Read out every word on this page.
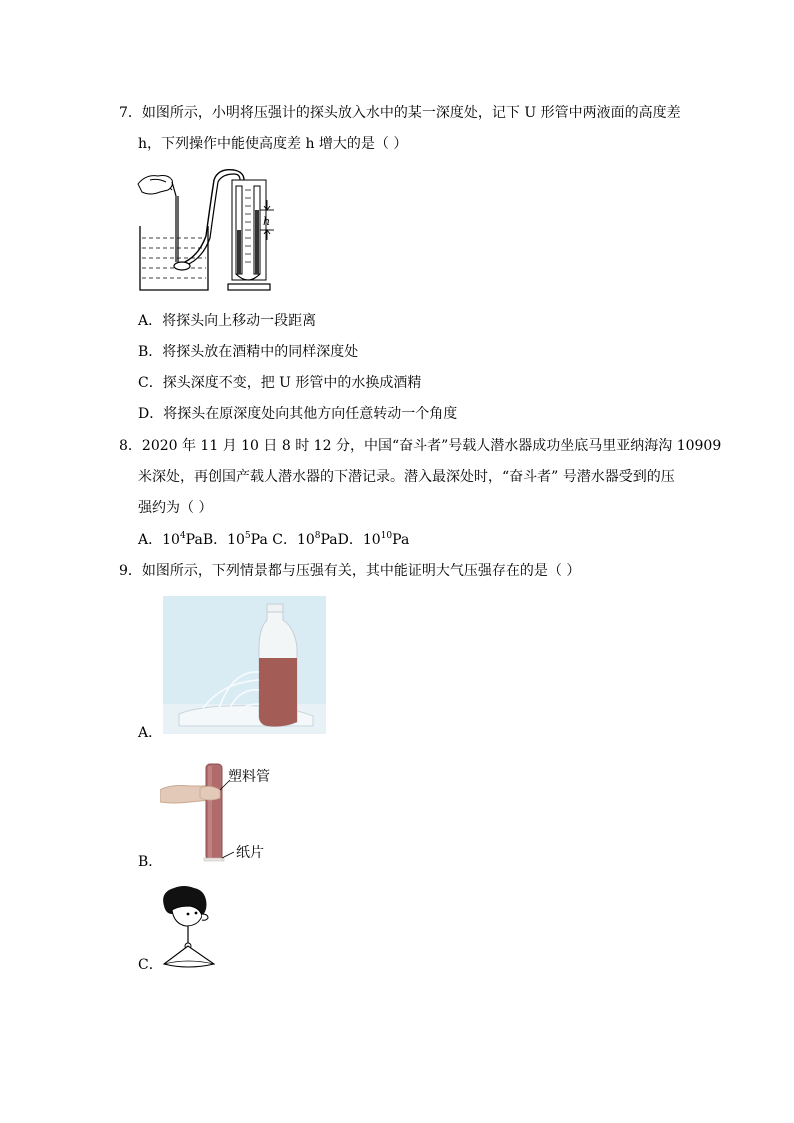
7．如图所示，小明将压强计的探头放入水中的某一深度处，记下 U 形管中两液面的高度差
h，下列操作中能使高度差 h 增大的是（ ）
h
A．将探头向上移动一段距离
B．将探头放在酒精中的同样深度处
C．探头深度不变，把 U 形管中的水换成酒精
D．将探头在原深度处向其他方向任意转动一个角度
8．2020 年 11 月 10 日 8 时 12 分，中国“奋斗者”号载人潜水器成功坐底马里亚纳海沟 10909
米深处，再创国产载人潜水器的下潜记录。潜入最深处时，“奋斗者” 号潜水器受到的压
强约为（ ）
A．$10^4PaB$．$10^5Pa$ C．$10^8PaD$．$10^{10}Pa$
9．如图所示，下列情景都与压强有关，其中能证明大气压强存在的是（ ）
A．
B．
塑料管
纸片
C．
